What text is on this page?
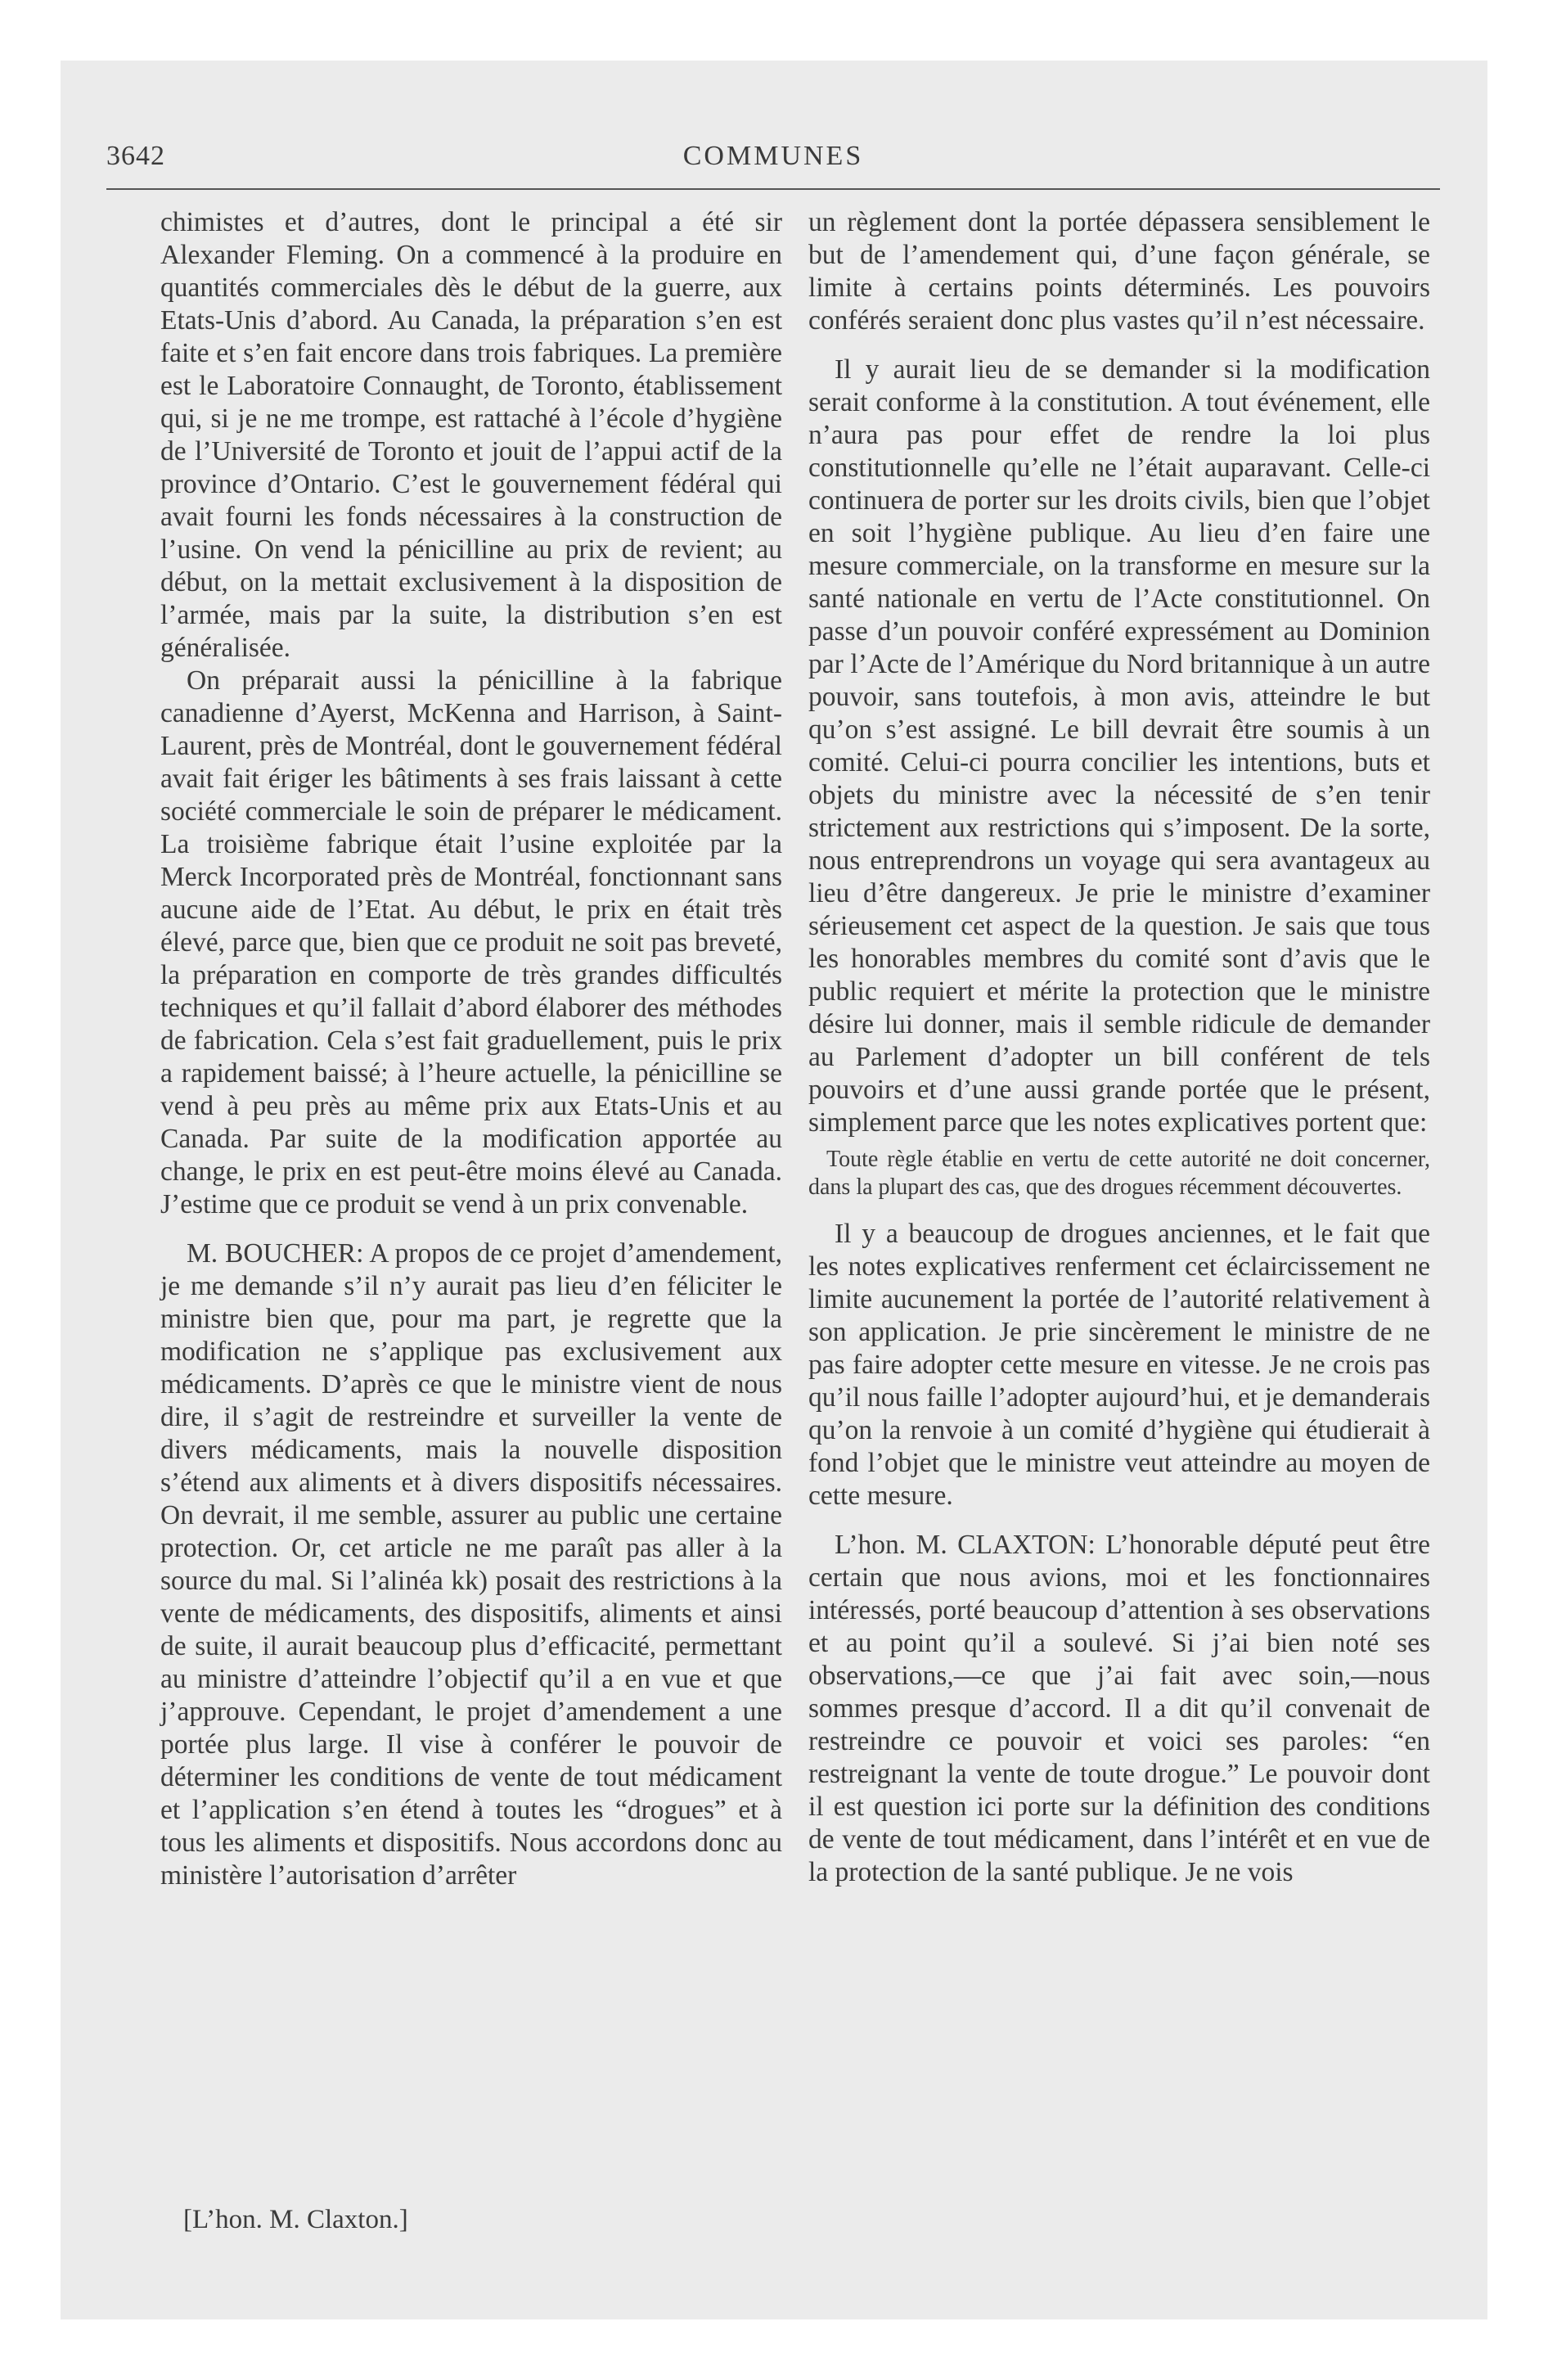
3642	COMMUNES

chimistes et d’autres, dont le principal a été sir Alexander Fleming. On a commencé à la produire en quantités commerciales dès le début de la guerre, aux Etats-Unis d’abord. Au Canada, la préparation s’en est faite et s’en fait encore dans trois fabriques. La première est le Laboratoire Connaught, de Toronto, établissement qui, si je ne me trompe, est rattaché à l’école d’hygiène de l’Université de Toronto et jouit de l’appui actif de la province d’Ontario. C’est le gouvernement fédéral qui avait fourni les fonds nécessaires à la construction de l’usine. On vend la pénicilline au prix de revient; au début, on la mettait exclusivement à la disposition de l’armée, mais par la suite, la distribution s’en est généralisée.

On préparait aussi la pénicilline à la fabrique canadienne d’Ayerst, McKenna and Harrison, à Saint-Laurent, près de Montréal, dont le gouvernement fédéral avait fait ériger les bâtiments à ses frais laissant à cette société commerciale le soin de préparer le médicament. La troisième fabrique était l’usine exploitée par la Merck Incorporated près de Montréal, fonctionnant sans aucune aide de l’Etat. Au début, le prix en était très élevé, parce que, bien que ce produit ne soit pas breveté, la préparation en comporte de très grandes difficultés techniques et qu’il fallait d’abord élaborer des méthodes de fabrication. Cela s’est fait graduellement, puis le prix a rapidement baissé; à l’heure actuelle, la pénicilline se vend à peu près au même prix aux Etats-Unis et au Canada. Par suite de la modification apportée au change, le prix en est peut-être moins élevé au Canada. J’estime que ce produit se vend à un prix convenable.

M. BOUCHER: A propos de ce projet d’amendement, je me demande s’il n’y aurait pas lieu d’en féliciter le ministre bien que, pour ma part, je regrette que la modification ne s’applique pas exclusivement aux médicaments. D’après ce que le ministre vient de nous dire, il s’agit de restreindre et surveiller la vente de divers médicaments, mais la nouvelle disposition s’étend aux aliments et à divers dispositifs nécessaires. On devrait, il me semble, assurer au public une certaine protection. Or, cet article ne me paraît pas aller à la source du mal. Si l’alinéa kk) posait des restrictions à la vente de médicaments, des dispositifs, aliments et ainsi de suite, il aurait beaucoup plus d’efficacité, permettant au ministre d’atteindre l’objectif qu’il a en vue et que j’approuve. Cependant, le projet d’amendement a une portée plus large. Il vise à conférer le pouvoir de déterminer les conditions de vente de tout médicament et l’application s’en étend à toutes les “drogues” et à tous les aliments et dispositifs. Nous accordons donc au ministère l’autorisation d’arrêter

un règlement dont la portée dépassera sensiblement le but de l’amendement qui, d’une façon générale, se limite à certains points déterminés. Les pouvoirs conférés seraient donc plus vastes qu’il n’est nécessaire.

Il y aurait lieu de se demander si la modification serait conforme à la constitution. A tout événement, elle n’aura pas pour effet de rendre la loi plus constitutionnelle qu’elle ne l’était auparavant. Celle-ci continuera de porter sur les droits civils, bien que l’objet en soit l’hygiène publique. Au lieu d’en faire une mesure commerciale, on la transforme en mesure sur la santé nationale en vertu de l’Acte constitutionnel. On passe d’un pouvoir conféré expressément au Dominion par l’Acte de l’Amérique du Nord britannique à un autre pouvoir, sans toutefois, à mon avis, atteindre le but qu’on s’est assigné. Le bill devrait être soumis à un comité. Celui-ci pourra concilier les intentions, buts et objets du ministre avec la nécessité de s’en tenir strictement aux restrictions qui s’imposent. De la sorte, nous entreprendrons un voyage qui sera avantageux au lieu d’être dangereux. Je prie le ministre d’examiner sérieusement cet aspect de la question. Je sais que tous les honorables membres du comité sont d’avis que le public requiert et mérite la protection que le ministre désire lui donner, mais il semble ridicule de demander au Parlement d’adopter un bill conférent de tels pouvoirs et d’une aussi grande portée que le présent, simplement parce que les notes explicatives portent que:

Toute règle établie en vertu de cette autorité ne doit concerner, dans la plupart des cas, que des drogues récemment découvertes.

Il y a beaucoup de drogues anciennes, et le fait que les notes explicatives renferment cet éclaircissement ne limite aucunement la portée de l’autorité relativement à son application. Je prie sincèrement le ministre de ne pas faire adopter cette mesure en vitesse. Je ne crois pas qu’il nous faille l’adopter aujourd’hui, et je demanderais qu’on la renvoie à un comité d’hygiène qui étudierait à fond l’objet que le ministre veut atteindre au moyen de cette mesure.

L’hon. M. CLAXTON: L’honorable député peut être certain que nous avions, moi et les fonctionnaires intéressés, porté beaucoup d’attention à ses observations et au point qu’il a soulevé. Si j’ai bien noté ses observations,—ce que j’ai fait avec soin,—nous sommes presque d’accord. Il a dit qu’il convenait de restreindre ce pouvoir et voici ses paroles: “en restreignant la vente de toute drogue.” Le pouvoir dont il est question ici porte sur la définition des conditions de vente de tout médicament, dans l’intérêt et en vue de la protection de la santé publique. Je ne vois

[L’hon. M. Claxton.]
